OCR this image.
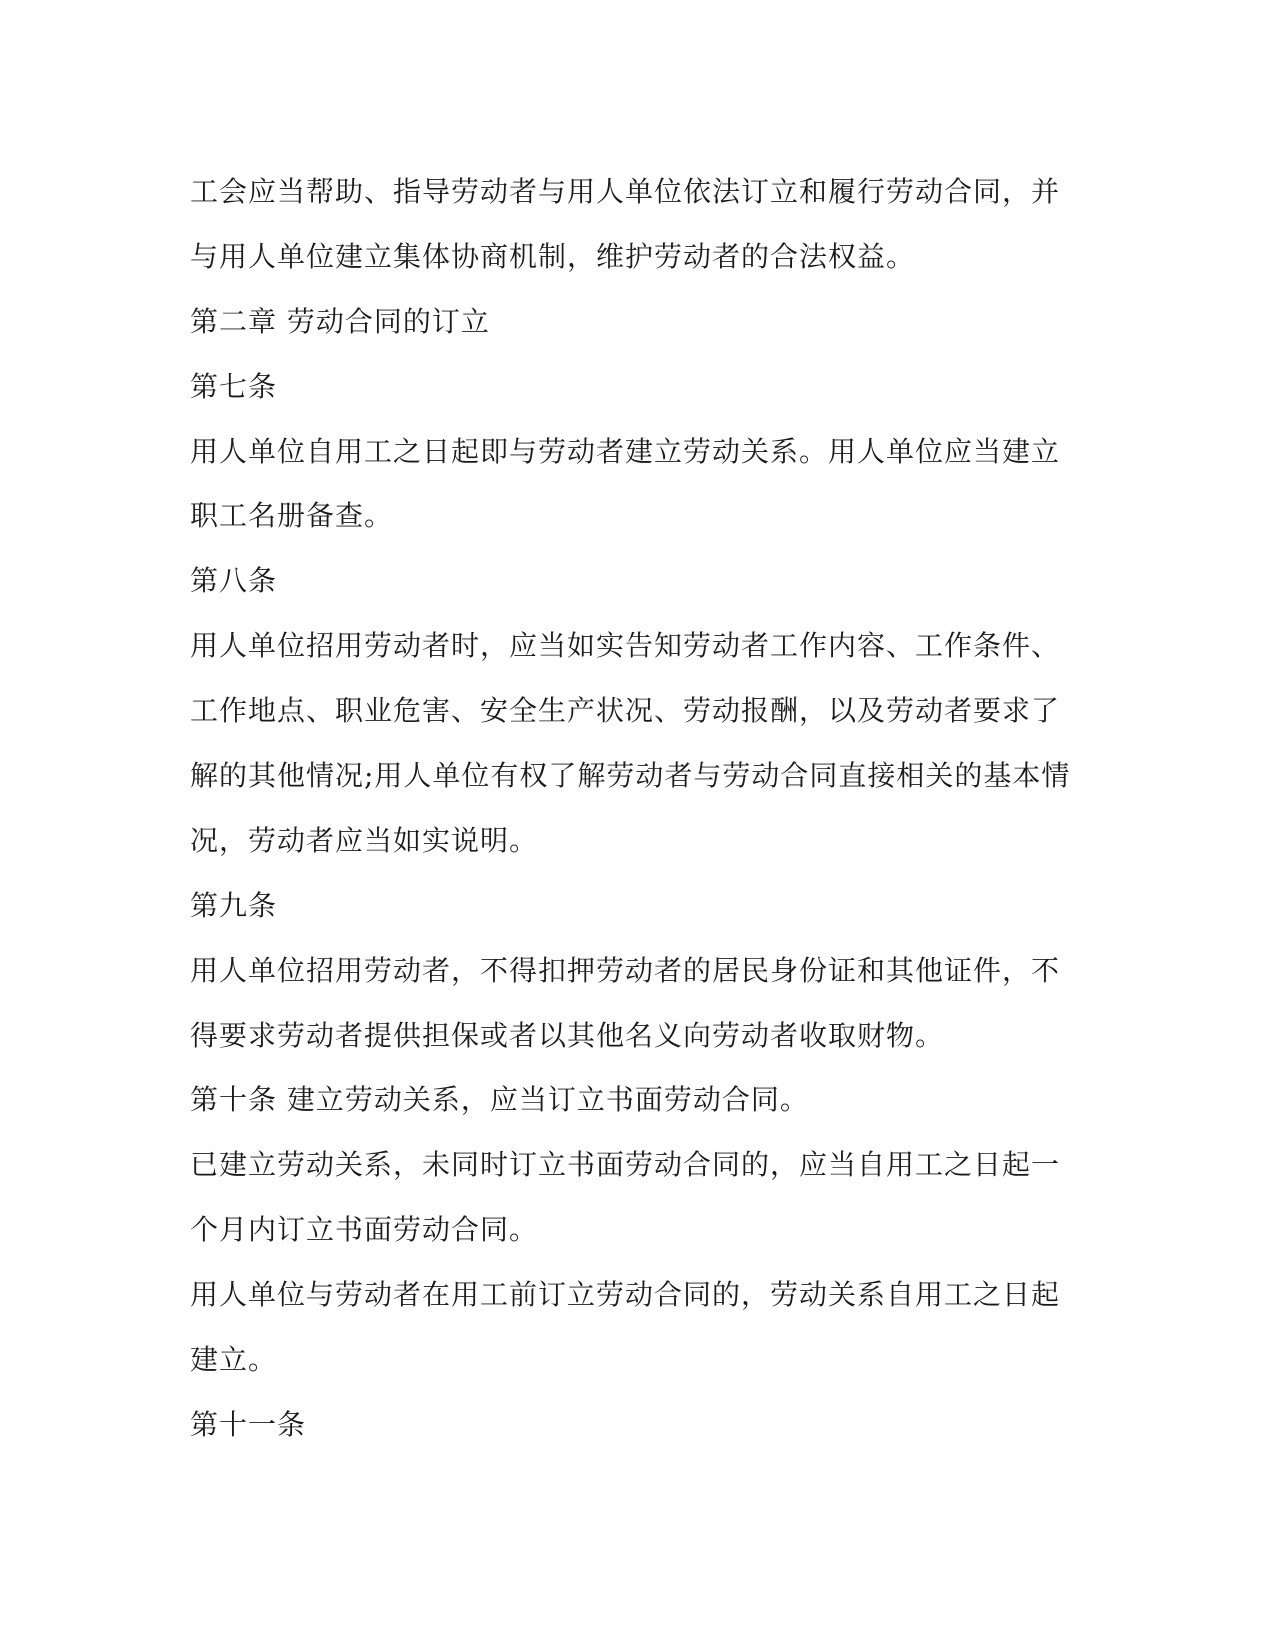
工会应当帮助、指导劳动者与用人单位依法订立和履行劳动合同，并
与用人单位建立集体协商机制，维护劳动者的合法权益。
第二章 劳动合同的订立
第七条
用人单位自用工之日起即与劳动者建立劳动关系。用人单位应当建立
职工名册备查。
第八条
用人单位招用劳动者时，应当如实告知劳动者工作内容、工作条件、
工作地点、职业危害、安全生产状况、劳动报酬，以及劳动者要求了
解的其他情况;用人单位有权了解劳动者与劳动合同直接相关的基本情
况，劳动者应当如实说明。
第九条
用人单位招用劳动者，不得扣押劳动者的居民身份证和其他证件，不
得要求劳动者提供担保或者以其他名义向劳动者收取财物。
第十条 建立劳动关系，应当订立书面劳动合同。
已建立劳动关系，未同时订立书面劳动合同的，应当自用工之日起一
个月内订立书面劳动合同。
用人单位与劳动者在用工前订立劳动合同的，劳动关系自用工之日起
建立。
第十一条
